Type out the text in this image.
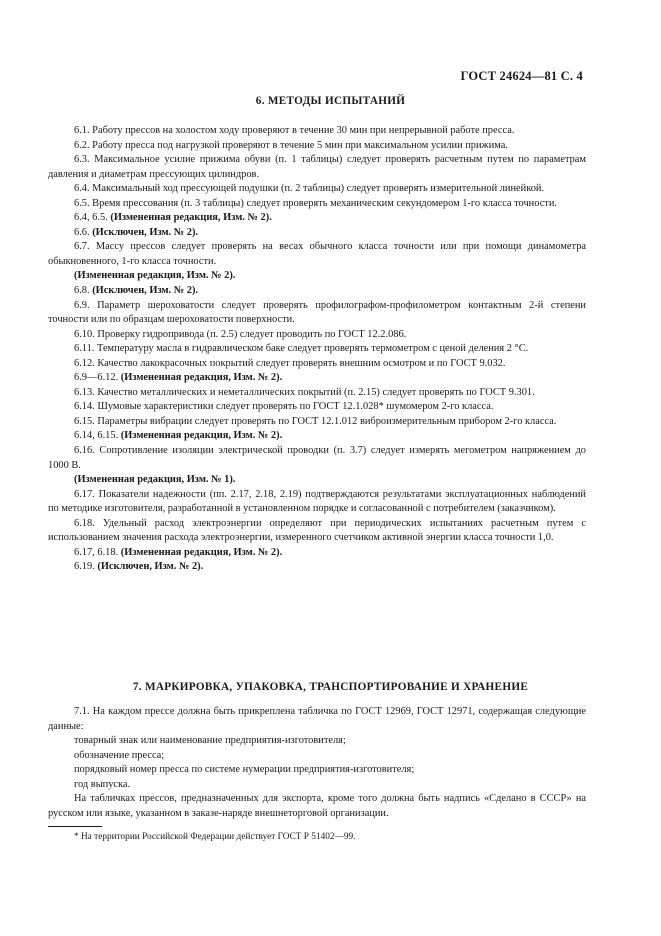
ГОСТ 24624—81 С. 4
6. МЕТОДЫ ИСПЫТАНИЙ

6.1. Работу прессов на холостом ходу проверяют в течение 30 мин при непрерывной работе пресса.

6.2. Работу пресса под нагрузкой проверяют в течение 5 мин при максимальном усилии прижима.

6.3. Максимальное усилие прижима обуви (п. 1 таблицы) следует проверять расчетным путем по параметрам давления и диаметрам прессующих цилиндров.

6.4. Максимальный ход прессующей подушки (п. 2 таблицы) следует проверять измерительной линейкой.

6.5. Время прессования (п. 3 таблицы) следует проверять механическим секундомером 1-го класса точности.

6.4, 6.5. (Измененная редакция, Изм. № 2).

6.6. (Исключен, Изм. № 2).

6.7. Массу прессов следует проверять на весах обычного класса точности или при помощи динамометра обыкновенного, 1-го класса точности.

(Измененная редакция, Изм. № 2).

6.8. (Исключен, Изм. № 2).

6.9. Параметр шероховатости следует проверять профилографом-профилометром контактным 2-й степени точности или по образцам шероховатости поверхности.

6.10. Проверку гидропривода (п. 2.5) следует проводить по ГОСТ 12.2.086.

6.11. Температуру масла в гидравлическом баке следует проверять термометром с ценой деления 2 °С.

6.12. Качество лакокрасочных покрытий следует проверять внешним осмотром и по ГОСТ 9.032.

6.9—6.12. (Измененная редакция, Изм. № 2).

6.13. Качество металлических и неметаллических покрытий (п. 2.15) следует проверять по ГОСТ 9.301.

6.14. Шумовые характеристики следует проверять по ГОСТ 12.1.028* шумомером 2-го класса.

6.15. Параметры вибрации следует проверять по ГОСТ 12.1.012 виброизмерительным прибором 2-го класса.

6.14, 6.15. (Измененная редакция, Изм. № 2).

6.16. Сопротивление изоляции электрической проводки (п. 3.7) следует измерять мегометром напряжением до 1000 В.

(Измененная редакция, Изм. № 1).

6.17. Показатели надежности (пп. 2.17, 2.18, 2.19) подтверждаются результатами эксплуатационных наблюдений по методике изготовителя, разработанной в установленном порядке и согласованной с потребителем (заказчиком).

6.18. Удельный расход электроэнергии определяют при периодических испытаниях расчетным путем с использованием значения расхода электроэнергии, измеренного счетчиком активной энергии класса точности 1,0.

6.17, 6.18. (Измененная редакция, Изм. № 2).

6.19. (Исключен, Изм. № 2).

7. МАРКИРОВКА, УПАКОВКА, ТРАНСПОРТИРОВАНИЕ И ХРАНЕНИЕ

7.1. На каждом прессе должна быть прикреплена табличка по ГОСТ 12969, ГОСТ 12971, содержащая следующие данные:

товарный знак или наименование предприятия-изготовителя;

обозначение пресса;

порядковый номер пресса по системе нумерации предприятия-изготовителя;

год выпуска.

На табличках прессов, предназначенных для экспорта, кроме того должна быть надпись «Сделано в СССР» на русском или языке, указанном в заказе-наряде внешнеторговой организации.

* На территории Российской Федерации действует ГОСТ Р 51402—99.
